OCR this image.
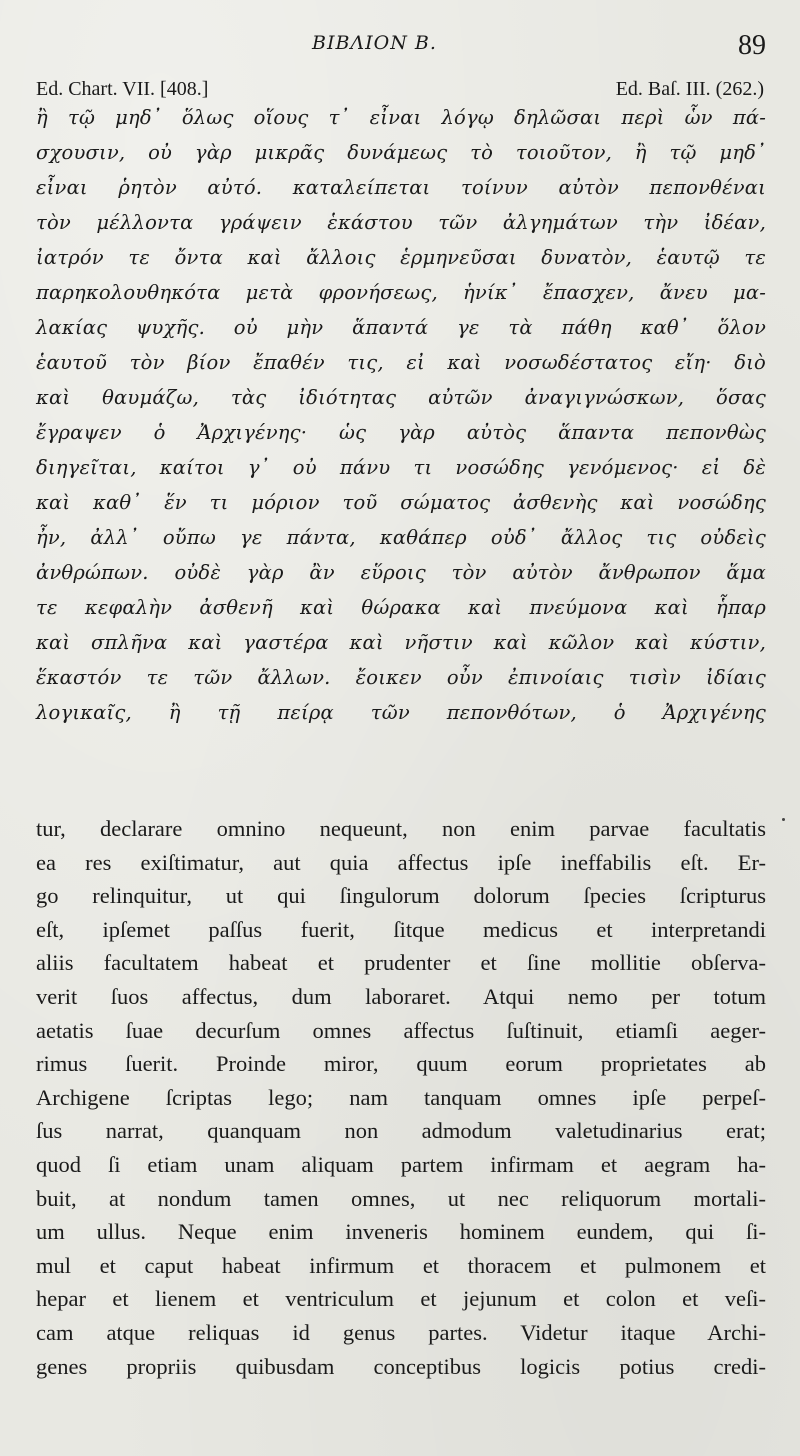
BIBΛΙΟΝ B.	89
Ed. Chart. VII. [408.]	Ed. Baſ. III. (262.)
ἢ τῷ μηδ᾽ ὅλως οἵους τ᾽ εἶναι λόγῳ δηλῶσαι περὶ ὧν πά-
σχουσιν, οὐ γὰρ μικρᾶς δυνάμεως τὸ τοιοῦτον, ἢ τῷ μηδ᾽
εἶναι ῥητὸν αὐτό. καταλείπεται τοίνυν αὐτὸν πεπονθέναι
τὸν μέλλοντα γράψειν ἑκάστου τῶν ἀλγημάτων τὴν ἰδέαν,
ἰατρόν τε ὄντα καὶ ἄλλοις ἑρμηνεῦσαι δυνατὸν, ἑαυτῷ τε
παρηκολουθηκότα μετὰ φρονήσεως, ἡνίκ᾽ ἔπασχεν, ἄνευ μα-
λακίας ψυχῆς. οὐ μὴν ἅπαντά γε τὰ πάθη καθ᾽ ὅλον
ἑαυτοῦ τὸν βίον ἔπαθέν τις, εἰ καὶ νοσωδέστατος εἴη· διὸ
καὶ θαυμάζω, τὰς ἰδιότητας αὐτῶν ἀναγιγνώσκων, ὅσας
ἔγραψεν ὁ Ἀρχιγένης· ὡς γὰρ αὐτὸς ἅπαντα πεπονθὼς
διηγεῖται, καίτοι γ᾽ οὐ πάνυ τι νοσώδης γενόμενος· εἰ δὲ
καὶ καθ᾽ ἕν τι μόριον τοῦ σώματος ἀσθενὴς καὶ νοσώδης
ἦν, ἀλλ᾽ οὔπω γε πάντα, καθάπερ οὐδ᾽ ἄλλος τις οὐδεὶς
ἀνθρώπων. οὐδὲ γὰρ ἂν εὕροις τὸν αὐτὸν ἄνθρωπον ἅμα
τε κεφαλὴν ἀσθενῆ καὶ θώρακα καὶ πνεύμονα καὶ ἧπαρ
καὶ σπλῆνα καὶ γαστέρα καὶ νῆστιν καὶ κῶλον καὶ κύστιν,
ἕκαστόν τε τῶν ἄλλων. ἔοικεν οὖν ἐπινοίαις τισὶν ἰδίαις
λογικαῖς, ἢ τῇ πείρᾳ τῶν πεπονθότων, ὁ Ἀρχιγένης
tur, declarare omnino nequeunt, non enim parvae facultatis
ea res exiſtimatur, aut quia affectus ipſe ineffabilis eſt. Er-
go relinquitur, ut qui ſingulorum dolorum ſpecies ſcripturus
eſt, ipſemet paſſus fuerit, ſitque medicus et interpretandi
aliis facultatem habeat et prudenter et ſine mollitie obſerva-
verit ſuos affectus, dum laboraret. Atqui nemo per totum
aetatis ſuae decurſum omnes affectus ſuſtinuit, etiamſi aeger-
rimus ſuerit. Proinde miror, quum eorum proprietates ab
Archigene ſcriptas lego; nam tanquam omnes ipſe perpeſ-
ſus narrat, quanquam non admodum valetudinarius erat;
quod ſi etiam unam aliquam partem infirmam et aegram ha-
buit, at nondum tamen omnes, ut nec reliquorum mortali-
um ullus. Neque enim inveneris hominem eundem, qui ſi-
mul et caput habeat infirmum et thoracem et pulmonem et
hepar et lienem et ventriculum et jejunum et colon et veſi-
cam atque reliquas id genus partes. Videtur itaque Archi-
genes propriis quibusdam conceptibus logicis potius credi-
